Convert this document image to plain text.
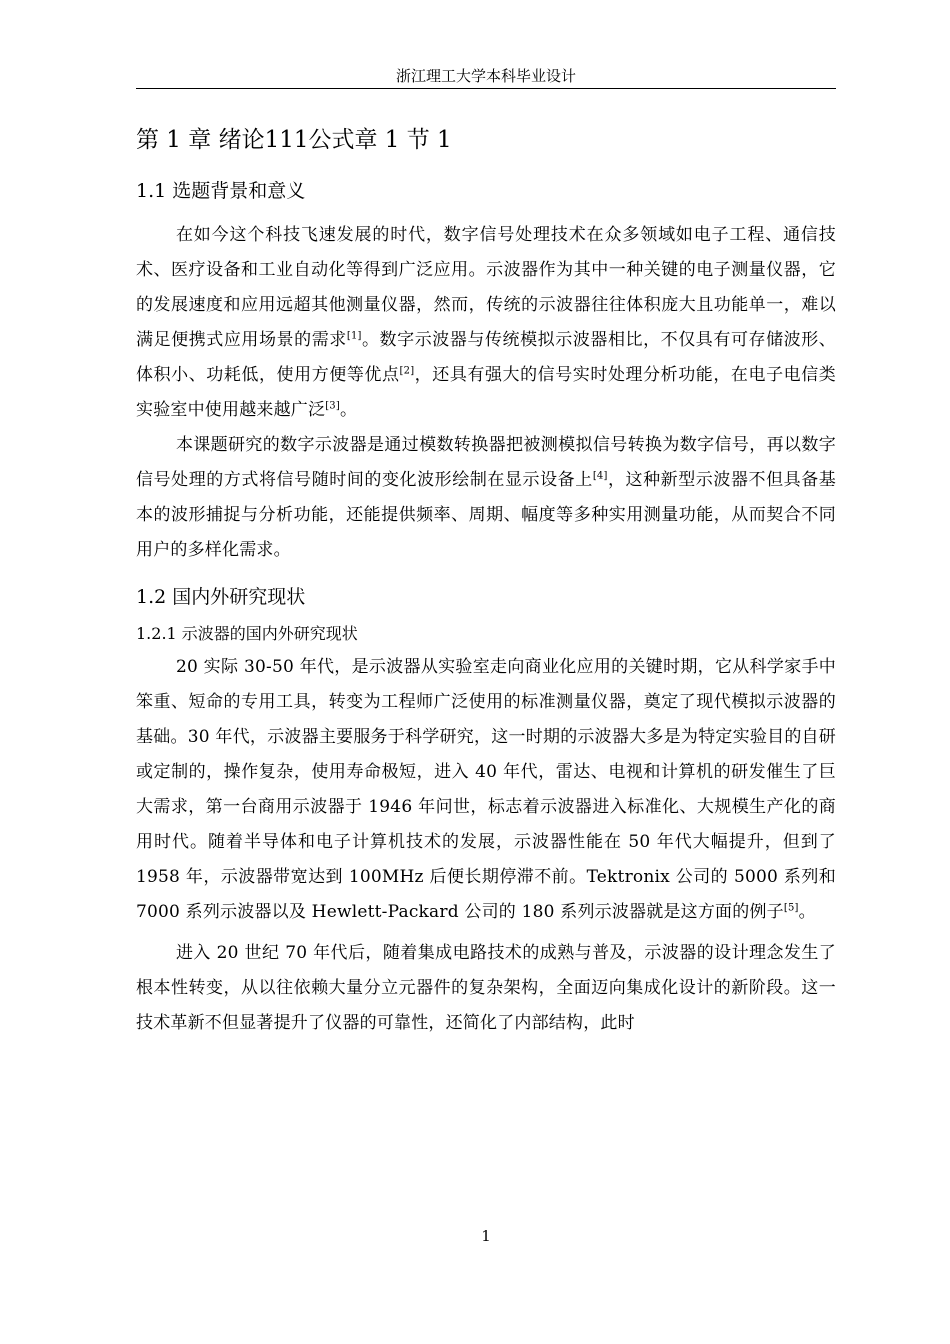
浙江理工大学本科毕业设计
第 1 章 绪论111公式章 1 节 1
1.1 选题背景和意义

在如今这个科技飞速发展的时代，数字信号处理技术在众多领域如电子工程、通信技术、医疗设备和工业自动化等得到广泛应用。示波器作为其中一种关键的电子测量仪器，它的发展速度和应用远超其他测量仪器，然而，传统的示波器往往体积庞大且功能单一，难以满足便携式应用场景的需求[1]。数字示波器与传统模拟示波器相比，不仅具有可存储波形、体积小、功耗低，使用方便等优点[2]，还具有强大的信号实时处理分析功能，在电子电信类实验室中使用越来越广泛[3]。

本课题研究的数字示波器是通过模数转换器把被测模拟信号转换为数字信号，再以数字信号处理的方式将信号随时间的变化波形绘制在显示设备上[4]，这种新型示波器不但具备基本的波形捕捉与分析功能，还能提供频率、周期、幅度等多种实用测量功能，从而契合不同用户的多样化需求。

1.2 国内外研究现状
1.2.1 示波器的国内外研究现状

20 实际 30-50 年代，是示波器从实验室走向商业化应用的关键时期，它从科学家手中笨重、短命的专用工具，转变为工程师广泛使用的标准测量仪器，奠定了现代模拟示波器的基础。30 年代，示波器主要服务于科学研究，这一时期的示波器大多是为特定实验目的自研或定制的，操作复杂，使用寿命极短，进入 40 年代，雷达、电视和计算机的研发催生了巨大需求，第一台商用示波器于 1946 年问世，标志着示波器进入标准化、大规模生产化的商用时代。随着半导体和电子计算机技术的发展，示波器性能在 50 年代大幅提升，但到了 1958 年，示波器带宽达到 100MHz 后便长期停滞不前。Tektronix 公司的 5000 系列和 7000 系列示波器以及 Hewlett-Packard 公司的 180 系列示波器就是这方面的例子[5]。

进入 20 世纪 70 年代后，随着集成电路技术的成熟与普及，示波器的设计理念发生了根本性转变，从以往依赖大量分立元器件的复杂架构，全面迈向集成化设计的新阶段。这一技术革新不但显著提升了仪器的可靠性，还简化了内部结构，此时

1
